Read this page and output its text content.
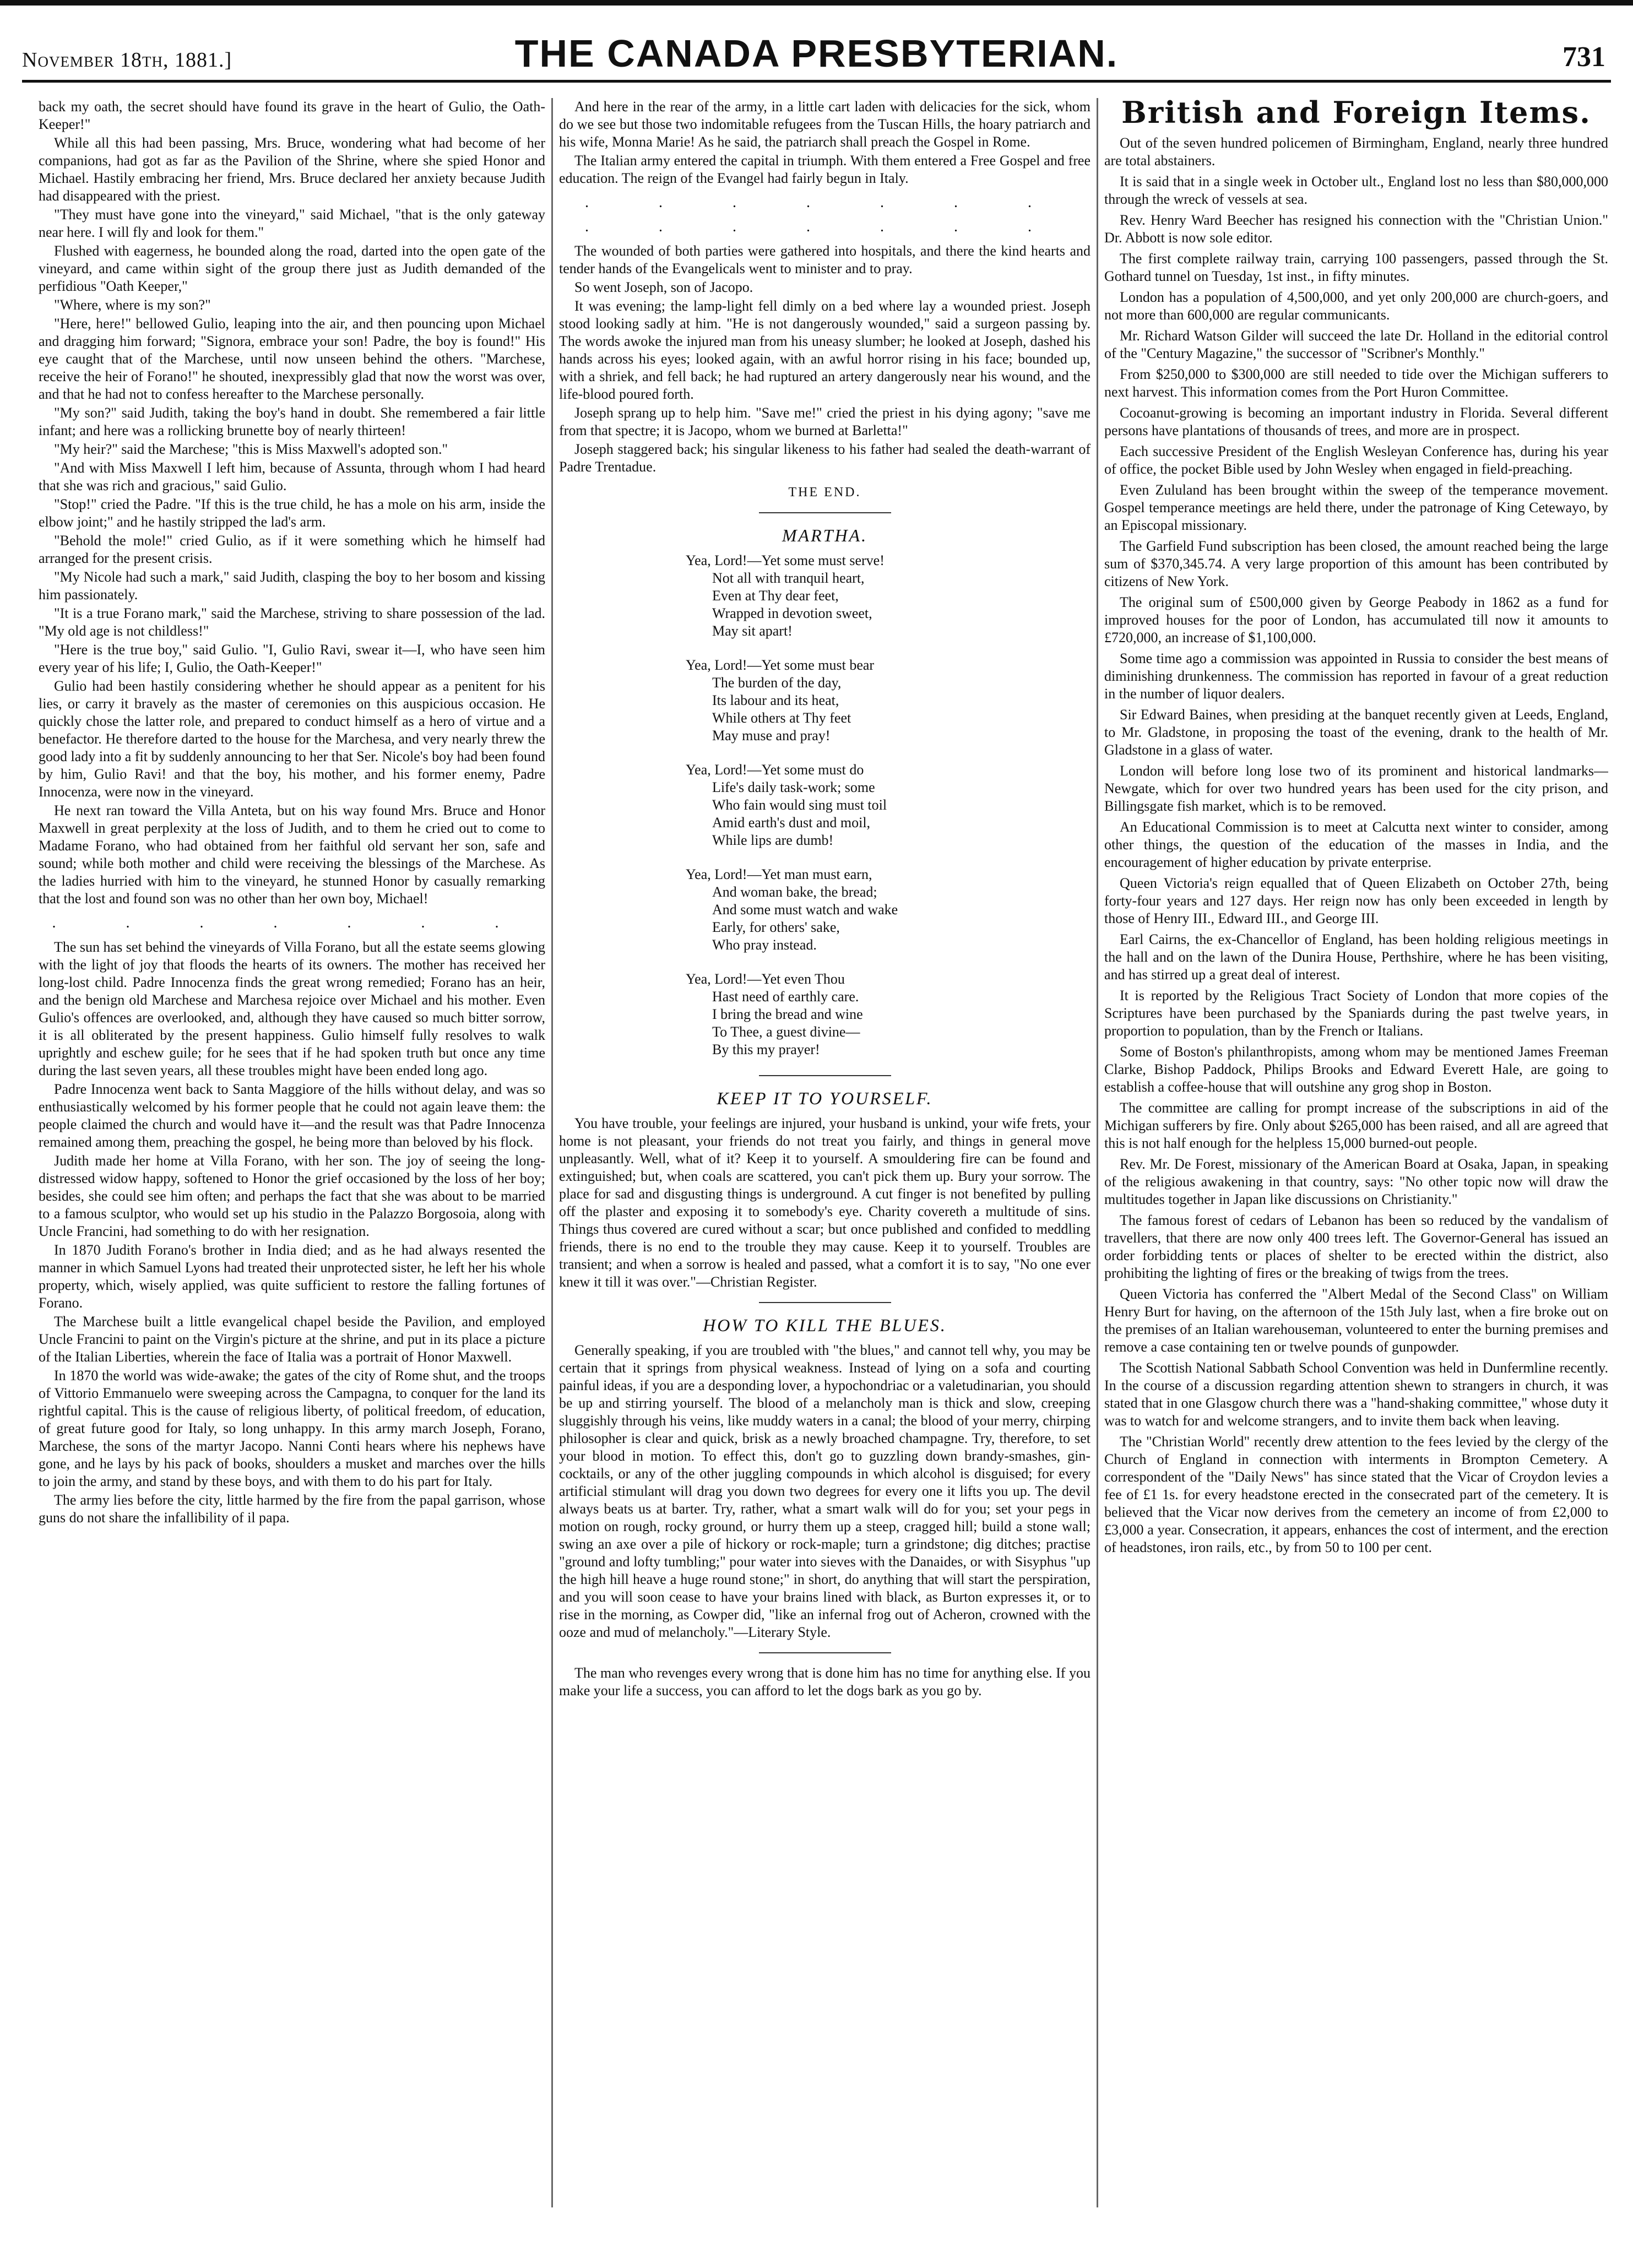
November 18th, 1881.]	THE CANADA PRESBYTERIAN.	731

back my oath, the secret should have found its grave in the heart of Gulio, the Oath-Keeper!"

While all this had been passing, Mrs. Bruce, wondering what had become of her companions, had got as far as the Pavilion of the Shrine, where she spied Honor and Michael. Hastily embracing her friend, Mrs. Bruce declared her anxiety because Judith had disappeared with the priest.

"They must have gone into the vineyard," said Michael, "that is the only gateway near here. I will fly and look for them."

Flushed with eagerness, he bounded along the road, darted into the open gate of the vineyard, and came within sight of the group there just as Judith demanded of the perfidious "Oath Keeper,"

"Where, where is my son?"

"Here, here!" bellowed Gulio, leaping into the air, and then pouncing upon Michael and dragging him forward; "Signora, embrace your son! Padre, the boy is found!" His eye caught that of the Marchese, until now unseen behind the others. "Marchese, receive the heir of Forano!" he shouted, inexpressibly glad that now the worst was over, and that he had not to confess hereafter to the Marchese personally.

"My son?" said Judith, taking the boy's hand in doubt. She remembered a fair little infant; and here was a rollicking brunette boy of nearly thirteen!

"My heir?" said the Marchese; "this is Miss Maxwell's adopted son."

"And with Miss Maxwell I left him, because of Assunta, through whom I had heard that she was rich and gracious," said Gulio.

"Stop!" cried the Padre. "If this is the true child, he has a mole on his arm, inside the elbow joint;" and he hastily stripped the lad's arm.

"Behold the mole!" cried Gulio, as if it were something which he himself had arranged for the present crisis.

"My Nicole had such a mark," said Judith, clasping the boy to her bosom and kissing him passionately.

"It is a true Forano mark," said the Marchese, striving to share possession of the lad. "My old age is not childless!"

"Here is the true boy," said Gulio. "I, Gulio Ravi, swear it—I, who have seen him every year of his life; I, Gulio, the Oath-Keeper!"

Gulio had been hastily considering whether he should appear as a penitent for his lies, or carry it bravely as the master of ceremonies on this auspicious occasion. He quickly chose the latter role, and prepared to conduct himself as a hero of virtue and a benefactor. He therefore darted to the house for the Marchesa, and very nearly threw the good lady into a fit by suddenly announcing to her that Ser. Nicole's boy had been found by him, Gulio Ravi! and that the boy, his mother, and his former enemy, Padre Innocenza, were now in the vineyard.

He next ran toward the Villa Anteta, but on his way found Mrs. Bruce and Honor Maxwell in great perplexity at the loss of Judith, and to them he cried out to come to Madame Forano, who had obtained from her faithful old servant her son, safe and sound; while both mother and child were receiving the blessings of the Marchese. As the ladies hurried with him to the vineyard, he stunned Honor by casually remarking that the lost and found son was no other than her own boy, Michael!

. . . . . . .

The sun has set behind the vineyards of Villa Forano, but all the estate seems glowing with the light of joy that floods the hearts of its owners. The mother has received her long-lost child. Padre Innocenza finds the great wrong remedied; Forano has an heir, and the benign old Marchese and Marchesa rejoice over Michael and his mother. Even Gulio's offences are overlooked, and, although they have caused so much bitter sorrow, it is all obliterated by the present happiness. Gulio himself fully resolves to walk uprightly and eschew guile; for he sees that if he had spoken truth but once any time during the last seven years, all these troubles might have been ended long ago.

Padre Innocenza went back to Santa Maggiore of the hills without delay, and was so enthusiastically welcomed by his former people that he could not again leave them: the people claimed the church and would have it—and the result was that Padre Innocenza remained among them, preaching the gospel, he being more than beloved by his flock.

Judith made her home at Villa Forano, with her son. The joy of seeing the long-distressed widow happy, softened to Honor the grief occasioned by the loss of her boy; besides, she could see him often; and perhaps the fact that she was about to be married to a famous sculptor, who would set up his studio in the Palazzo Borgosoia, along with Uncle Francini, had something to do with her resignation.

In 1870 Judith Forano's brother in India died; and as he had always resented the manner in which Samuel Lyons had treated their unprotected sister, he left her his whole property, which, wisely applied, was quite sufficient to restore the falling fortunes of Forano.

The Marchese built a little evangelical chapel beside the Pavilion, and employed Uncle Francini to paint on the Virgin's picture at the shrine, and put in its place a picture of the Italian Liberties, wherein the face of Italia was a portrait of Honor Maxwell.

In 1870 the world was wide-awake; the gates of the city of Rome shut, and the troops of Vittorio Emmanuelo were sweeping across the Campagna, to conquer for the land its rightful capital. This is the cause of religious liberty, of political freedom, of education, of great future good for Italy, so long unhappy. In this army march Joseph, Forano, Marchese, the sons of the martyr Jacopo. Nanni Conti hears where his nephews have gone, and he lays by his pack of books, shoulders a musket and marches over the hills to join the army, and stand by these boys, and with them to do his part for Italy.

The army lies before the city, little harmed by the fire from the papal garrison, whose guns do not share the infallibility of il papa.

And here in the rear of the army, in a little cart laden with delicacies for the sick, whom do we see but those two indomitable refugees from the Tuscan Hills, the hoary patriarch and his wife, Monna Marie! As he said, the patriarch shall preach the Gospel in Rome.

The Italian army entered the capital in triumph. With them entered a Free Gospel and free education. The reign of the Evangel had fairly begun in Italy.

. . . . . . .
. . . . . . .

The wounded of both parties were gathered into hospitals, and there the kind hearts and tender hands of the Evangelicals went to minister and to pray.

So went Joseph, son of Jacopo.

It was evening; the lamp-light fell dimly on a bed where lay a wounded priest. Joseph stood looking sadly at him. "He is not dangerously wounded," said a surgeon passing by. The words awoke the injured man from his uneasy slumber; he looked at Joseph, dashed his hands across his eyes; looked again, with an awful horror rising in his face; bounded up, with a shriek, and fell back; he had ruptured an artery dangerously near his wound, and the life-blood poured forth.

Joseph sprang up to help him. "Save me!" cried the priest in his dying agony; "save me from that spectre; it is Jacopo, whom we burned at Barletta!"

Joseph staggered back; his singular likeness to his father had sealed the death-warrant of Padre Trentadue.

THE END.
MARTHA.
Yea, Lord!—Yet some must serve!
Not all with tranquil heart,
Even at Thy dear feet,
Wrapped in devotion sweet,
May sit apart!
Yea, Lord!—Yet some must bear
The burden of the day,
Its labour and its heat,
While others at Thy feet
May muse and pray!
Yea, Lord!—Yet some must do
Life's daily task-work; some
Who fain would sing must toil
Amid earth's dust and moil,
While lips are dumb!
Yea, Lord!—Yet man must earn,
And woman bake, the bread;
And some must watch and wake
Early, for others' sake,
Who pray instead.
Yea, Lord!—Yet even Thou
Hast need of earthly care.
I bring the bread and wine
To Thee, a guest divine—
By this my prayer!
KEEP IT TO YOURSELF.

You have trouble, your feelings are injured, your husband is unkind, your wife frets, your home is not pleasant, your friends do not treat you fairly, and things in general move unpleasantly. Well, what of it? Keep it to yourself. A smouldering fire can be found and extinguished; but, when coals are scattered, you can't pick them up. Bury your sorrow. The place for sad and disgusting things is underground. A cut finger is not benefited by pulling off the plaster and exposing it to somebody's eye. Charity covereth a multitude of sins. Things thus covered are cured without a scar; but once published and confided to meddling friends, there is no end to the trouble they may cause. Keep it to yourself. Troubles are transient; and when a sorrow is healed and passed, what a comfort it is to say, "No one ever knew it till it was over."—Christian Register.

HOW TO KILL THE BLUES.

Generally speaking, if you are troubled with "the blues," and cannot tell why, you may be certain that it springs from physical weakness. Instead of lying on a sofa and courting painful ideas, if you are a desponding lover, a hypochondriac or a valetudinarian, you should be up and stirring yourself. The blood of a melancholy man is thick and slow, creeping sluggishly through his veins, like muddy waters in a canal; the blood of your merry, chirping philosopher is clear and quick, brisk as a newly broached champagne. Try, therefore, to set your blood in motion. To effect this, don't go to guzzling down brandy-smashes, gin-cocktails, or any of the other juggling compounds in which alcohol is disguised; for every artificial stimulant will drag you down two degrees for every one it lifts you up. The devil always beats us at barter. Try, rather, what a smart walk will do for you; set your pegs in motion on rough, rocky ground, or hurry them up a steep, cragged hill; build a stone wall; swing an axe over a pile of hickory or rock-maple; turn a grindstone; dig ditches; practise "ground and lofty tumbling;" pour water into sieves with the Danaides, or with Sisyphus "up the high hill heave a huge round stone;" in short, do anything that will start the perspiration, and you will soon cease to have your brains lined with black, as Burton expresses it, or to rise in the morning, as Cowper did, "like an infernal frog out of Acheron, crowned with the ooze and mud of melancholy."—Literary Style.

The man who revenges every wrong that is done him has no time for anything else. If you make your life a success, you can afford to let the dogs bark as you go by.

British and Foreign Items.

Out of the seven hundred policemen of Birmingham, England, nearly three hundred are total abstainers.

It is said that in a single week in October ult., England lost no less than $80,000,000 through the wreck of vessels at sea.

Rev. Henry Ward Beecher has resigned his connection with the "Christian Union." Dr. Abbott is now sole editor.

The first complete railway train, carrying 100 passengers, passed through the St. Gothard tunnel on Tuesday, 1st inst., in fifty minutes.

London has a population of 4,500,000, and yet only 200,000 are church-goers, and not more than 600,000 are regular communicants.

Mr. Richard Watson Gilder will succeed the late Dr. Holland in the editorial control of the "Century Magazine," the successor of "Scribner's Monthly."

From $250,000 to $300,000 are still needed to tide over the Michigan sufferers to next harvest. This information comes from the Port Huron Committee.

Cocoanut-growing is becoming an important industry in Florida. Several different persons have plantations of thousands of trees, and more are in prospect.

Each successive President of the English Wesleyan Conference has, during his year of office, the pocket Bible used by John Wesley when engaged in field-preaching.

Even Zululand has been brought within the sweep of the temperance movement. Gospel temperance meetings are held there, under the patronage of King Cetewayo, by an Episcopal missionary.

The Garfield Fund subscription has been closed, the amount reached being the large sum of $370,345.74. A very large proportion of this amount has been contributed by citizens of New York.

The original sum of £500,000 given by George Peabody in 1862 as a fund for improved houses for the poor of London, has accumulated till now it amounts to £720,000, an increase of $1,100,000.

Some time ago a commission was appointed in Russia to consider the best means of diminishing drunkenness. The commission has reported in favour of a great reduction in the number of liquor dealers.

Sir Edward Baines, when presiding at the banquet recently given at Leeds, England, to Mr. Gladstone, in proposing the toast of the evening, drank to the health of Mr. Gladstone in a glass of water.

London will before long lose two of its prominent and historical landmarks—Newgate, which for over two hundred years has been used for the city prison, and Billingsgate fish market, which is to be removed.

An Educational Commission is to meet at Calcutta next winter to consider, among other things, the question of the education of the masses in India, and the encouragement of higher education by private enterprise.

Queen Victoria's reign equalled that of Queen Elizabeth on October 27th, being forty-four years and 127 days. Her reign now has only been exceeded in length by those of Henry III., Edward III., and George III.

Earl Cairns, the ex-Chancellor of England, has been holding religious meetings in the hall and on the lawn of the Dunira House, Perthshire, where he has been visiting, and has stirred up a great deal of interest.

It is reported by the Religious Tract Society of London that more copies of the Scriptures have been purchased by the Spaniards during the past twelve years, in proportion to population, than by the French or Italians.

Some of Boston's philanthropists, among whom may be mentioned James Freeman Clarke, Bishop Paddock, Philips Brooks and Edward Everett Hale, are going to establish a coffee-house that will outshine any grog shop in Boston.

The committee are calling for prompt increase of the subscriptions in aid of the Michigan sufferers by fire. Only about $265,000 has been raised, and all are agreed that this is not half enough for the helpless 15,000 burned-out people.

Rev. Mr. De Forest, missionary of the American Board at Osaka, Japan, in speaking of the religious awakening in that country, says: "No other topic now will draw the multitudes together in Japan like discussions on Christianity."

The famous forest of cedars of Lebanon has been so reduced by the vandalism of travellers, that there are now only 400 trees left. The Governor-General has issued an order forbidding tents or places of shelter to be erected within the district, also prohibiting the lighting of fires or the breaking of twigs from the trees.

Queen Victoria has conferred the "Albert Medal of the Second Class" on William Henry Burt for having, on the afternoon of the 15th July last, when a fire broke out on the premises of an Italian warehouseman, volunteered to enter the burning premises and remove a case containing ten or twelve pounds of gunpowder.

The Scottish National Sabbath School Convention was held in Dunfermline recently. In the course of a discussion regarding attention shewn to strangers in church, it was stated that in one Glasgow church there was a "hand-shaking committee," whose duty it was to watch for and welcome strangers, and to invite them back when leaving.

The "Christian World" recently drew attention to the fees levied by the clergy of the Church of England in connection with interments in Brompton Cemetery. A correspondent of the "Daily News" has since stated that the Vicar of Croydon levies a fee of £1 1s. for every headstone erected in the consecrated part of the cemetery. It is believed that the Vicar now derives from the cemetery an income of from £2,000 to £3,000 a year. Consecration, it appears, enhances the cost of interment, and the erection of headstones, iron rails, etc., by from 50 to 100 per cent.
